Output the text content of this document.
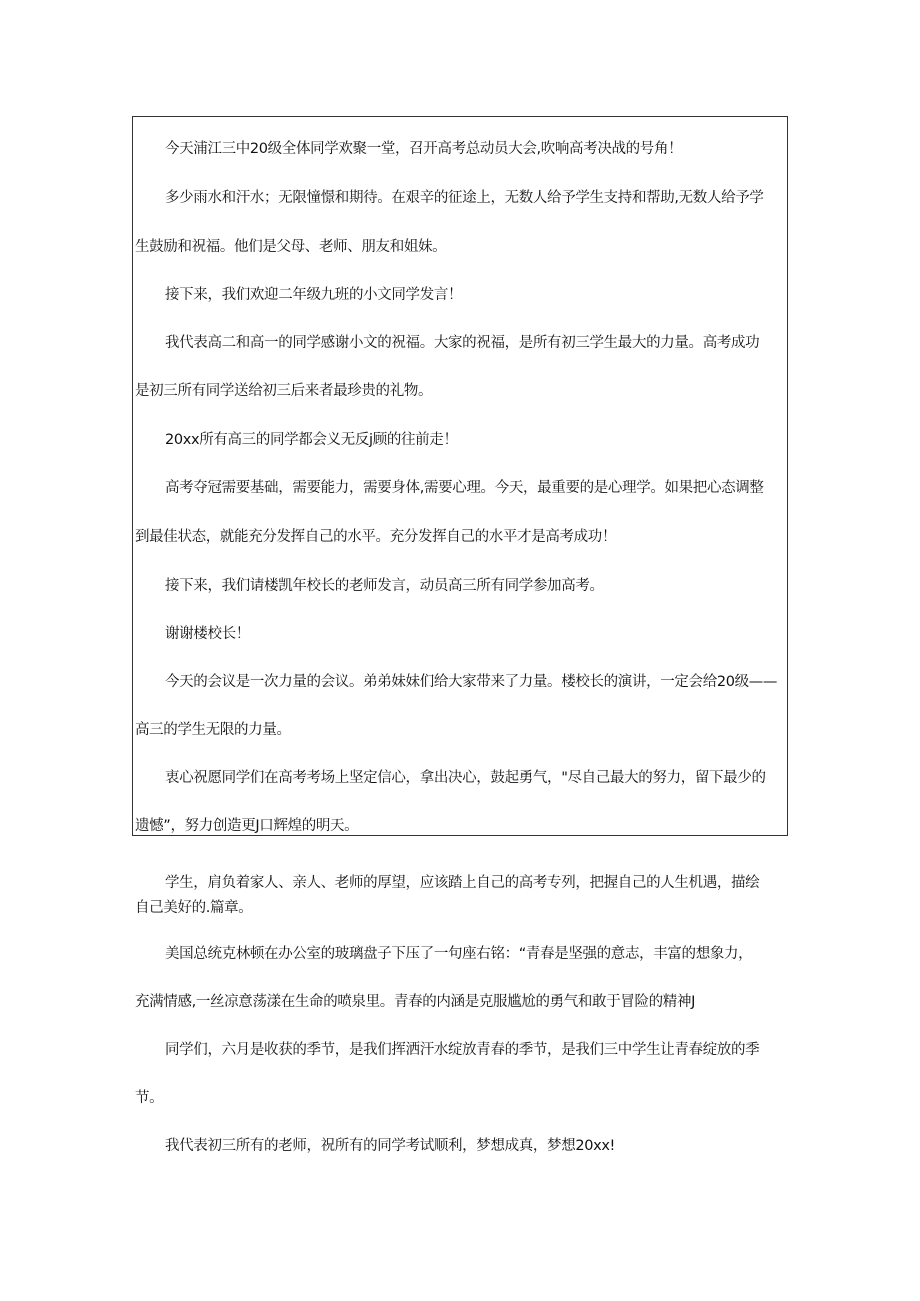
今天浦江三中20级全体同学欢聚一堂，召开高考总动员大会,吹响高考决战的号角！
多少雨水和汗水；无限憧憬和期待。在艰辛的征途上，无数人给予学生支持和帮助,无数人给予学
生鼓励和祝福。他们是父母、老师、朋友和姐妹。
接下来，我们欢迎二年级九班的小文同学发言！
我代表高二和高一的同学感谢小文的祝福。大家的祝福，是所有初三学生最大的力量。高考成功
是初三所有同学送给初三后来者最珍贵的礼物。
20xx所有高三的同学都会义无反j顾的往前走！
高考夺冠需要基础，需要能力，需要身体,需要心理。今天，最重要的是心理学。如果把心态调整
到最佳状态，就能充分发挥自己的水平。充分发挥自己的水平才是高考成功！
接下来，我们请楼凯年校长的老师发言，动员高三所有同学参加高考。
谢谢楼校长！
今天的会议是一次力量的会议。弟弟妹妹们给大家带来了力量。楼校长的演讲，一定会给20级——
高三的学生无限的力量。
衷心祝愿同学们在高考考场上坚定信心，拿出决心，鼓起勇气，"尽自己最大的努力，留下最少的
遗憾”，努力创造更J口辉煌的明天。
学生，肩负着家人、亲人、老师的厚望，应该踏上自己的高考专列，把握自己的人生机遇，描绘
自己美好的.篇章。
美国总统克林顿在办公室的玻璃盘子下压了一句座右铭：“青春是坚强的意志，丰富的想象力，
充满情感,一丝凉意荡漾在生命的喷泉里。青春的内涵是克服尴尬的勇气和敢于冒险的精神J
同学们，六月是收获的季节，是我们挥洒汗水绽放青春的季节，是我们三中学生让青春绽放的季
节。
我代表初三所有的老师，祝所有的同学考试顺利，梦想成真，梦想20xx!
